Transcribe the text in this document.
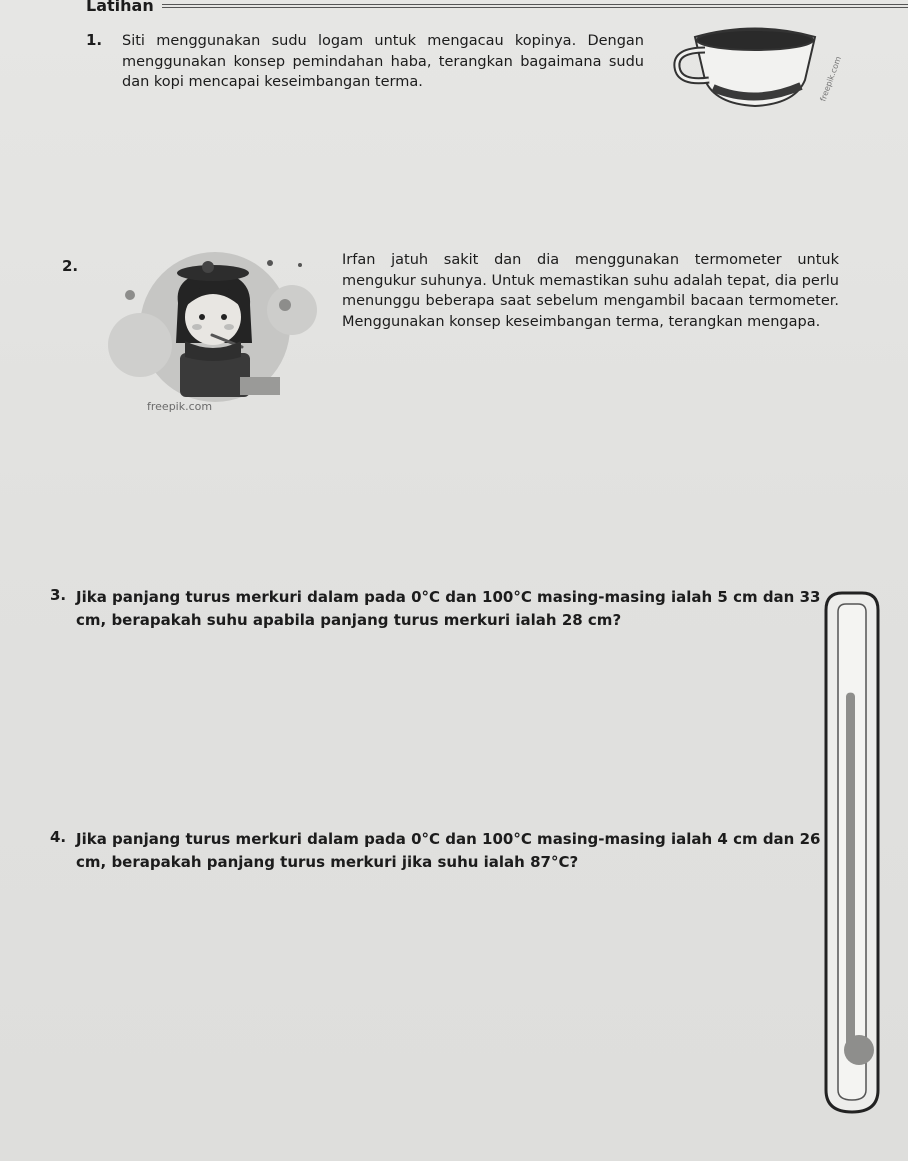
Latihan
1. Siti menggunakan sudu logam untuk mengacau kopinya. Dengan menggunakan konsep pemindahan haba, terangkan bagaimana sudu dan kopi mencapai keseimbangan terma.	freepik.com
2.
freepik.com
Irfan jatuh sakit dan dia menggunakan termometer untuk mengukur suhunya. Untuk memastikan suhu adalah tepat, dia perlu menunggu beberapa saat sebelum mengambil bacaan termometer. Menggunakan konsep keseimbangan terma, terangkan mengapa.
3. Jika panjang turus merkuri dalam pada 0°C dan 100°C masing-masing ialah 5 cm dan 33 cm, berapakah suhu apabila panjang turus merkuri ialah 28 cm?
4. Jika panjang turus merkuri dalam pada 0°C dan 100°C masing-masing ialah 4 cm dan 26 cm, berapakah panjang turus merkuri jika suhu ialah 87°C?
